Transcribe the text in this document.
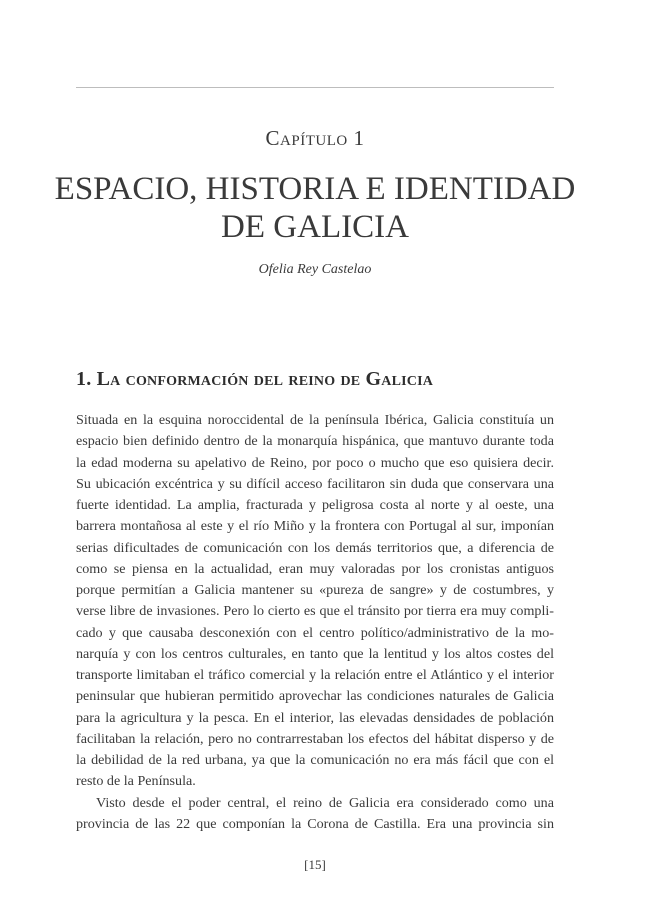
Capítulo 1
ESPACIO, HISTORIA E IDENTIDAD
DE GALICIA
Ofelia Rey Castelao
1. La conformación del reino de Galicia
Situada en la esquina noroccidental de la península Ibérica, Galicia constituía un
espacio bien definido dentro de la monarquía hispánica, que mantuvo durante toda
la edad moderna su apelativo de Reino, por poco o mucho que eso quisiera decir.
Su ubicación excéntrica y su difícil acceso facilitaron sin duda que conservara una
fuerte identidad. La amplia, fracturada y peligrosa costa al norte y al oeste, una
barrera montañosa al este y el río Miño y la frontera con Portugal al sur, imponían
serias dificultades de comunicación con los demás territorios que, a diferencia de
como se piensa en la actualidad, eran muy valoradas por los cronistas antiguos
porque permitían a Galicia mantener su «pureza de sangre» y de costumbres, y
verse libre de invasiones. Pero lo cierto es que el tránsito por tierra era muy compli-
cado y que causaba desconexión con el centro político/administrativo de la mo-
narquía y con los centros culturales, en tanto que la lentitud y los altos costes del
transporte limitaban el tráfico comercial y la relación entre el Atlántico y el interior
peninsular que hubieran permitido aprovechar las condiciones naturales de Galicia
para la agricultura y la pesca. En el interior, las elevadas densidades de población
facilitaban la relación, pero no contrarrestaban los efectos del hábitat disperso y de
la debilidad de la red urbana, ya que la comunicación no era más fácil que con el
resto de la Península.
Visto desde el poder central, el reino de Galicia era considerado como una
provincia de las 22 que componían la Corona de Castilla. Era una provincia sin
[15]
